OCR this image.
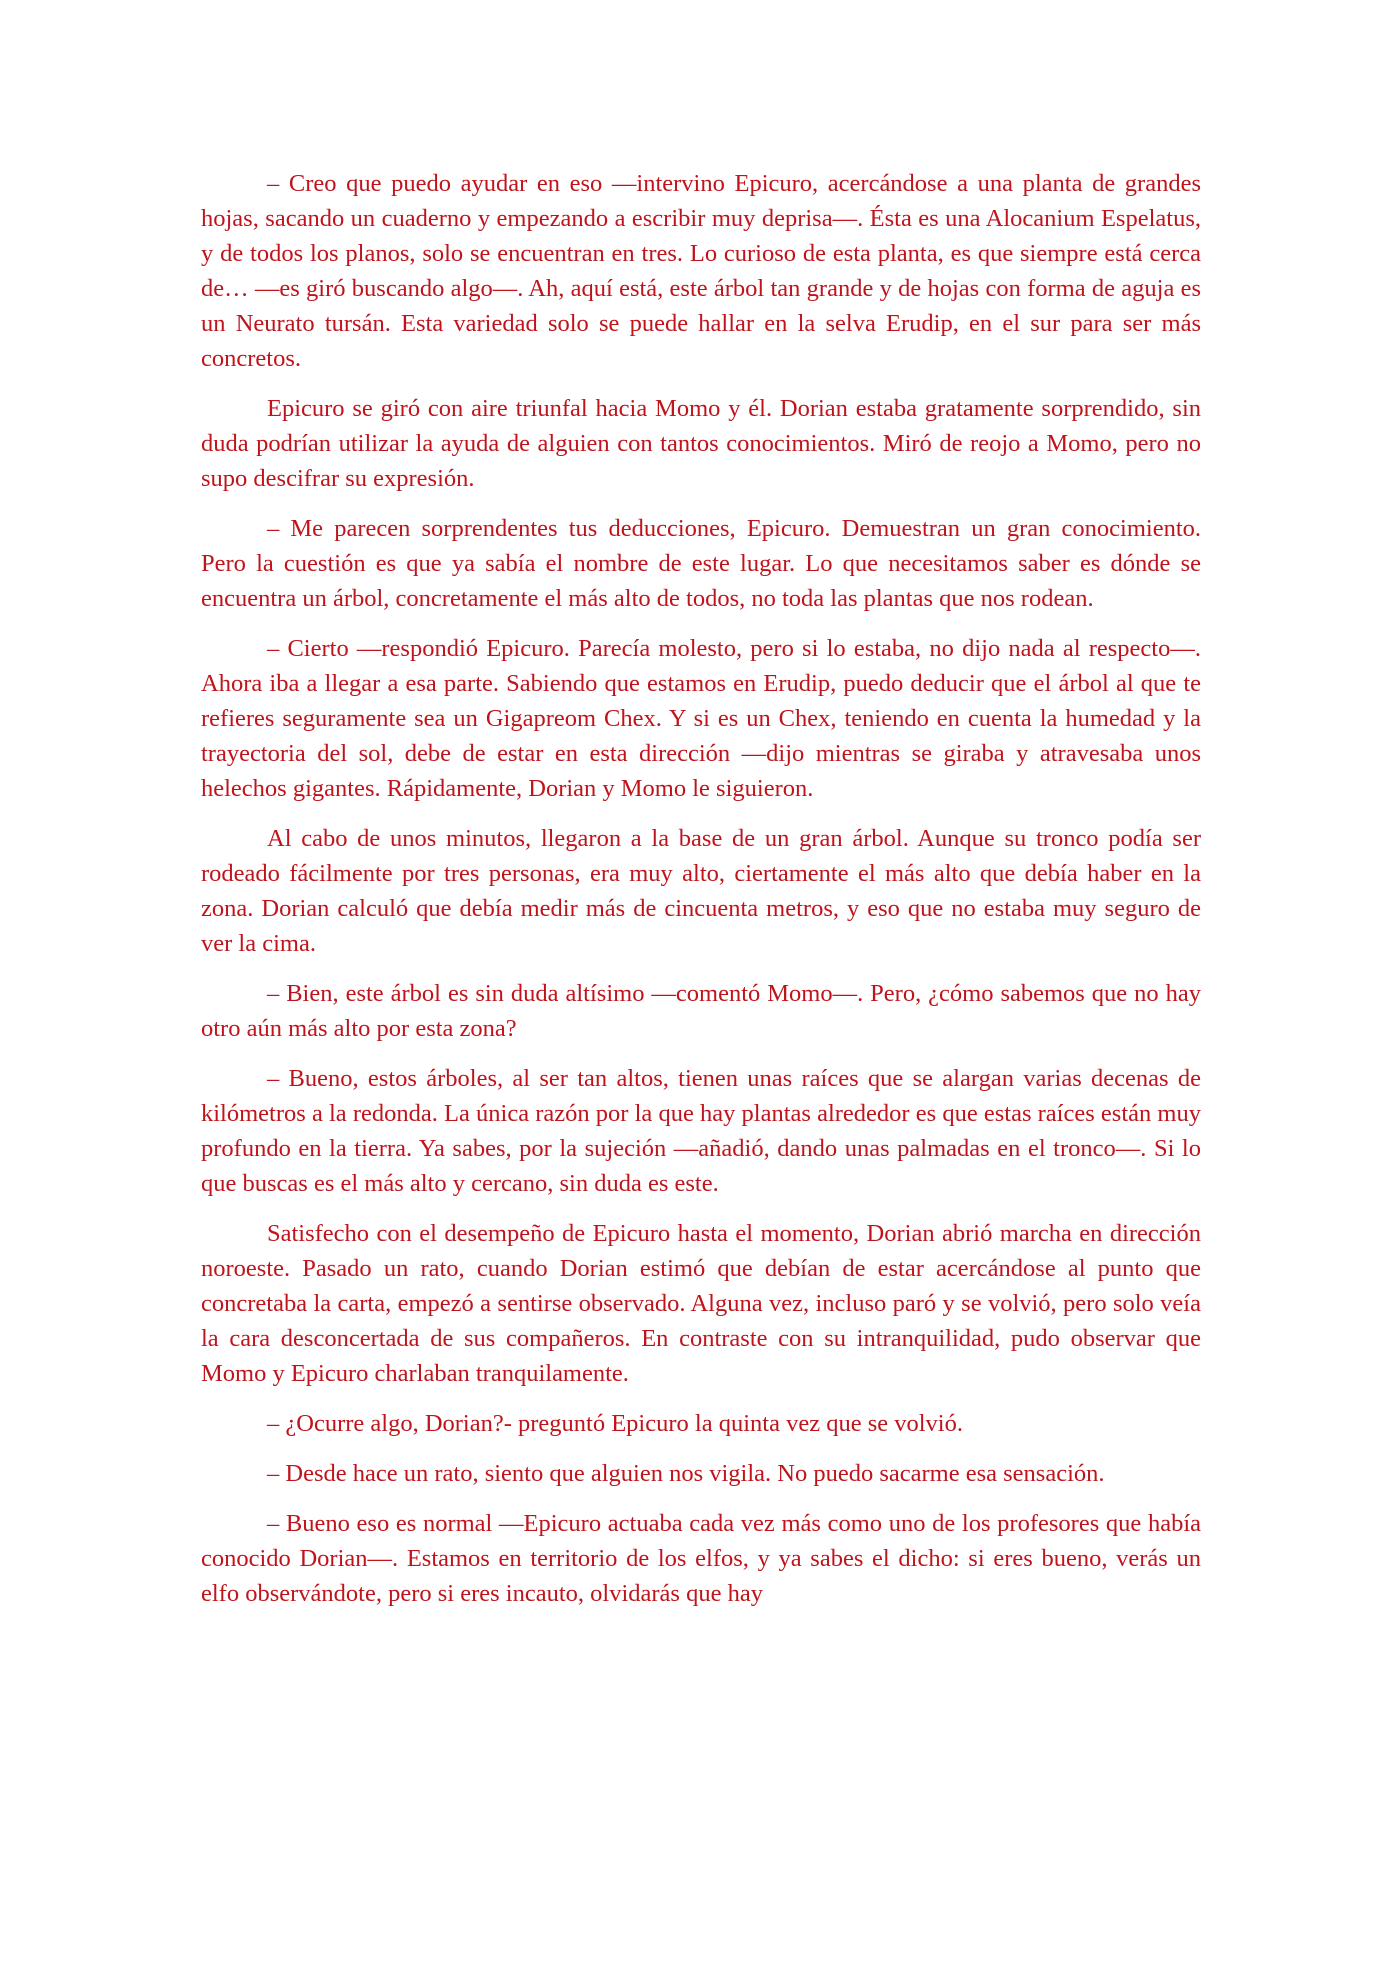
– Creo que puedo ayudar en eso —intervino Epicuro, acercándose a una planta de grandes hojas, sacando un cuaderno y empezando a escribir muy deprisa—. Ésta es una Alocanium Espelatus, y de todos los planos, solo se encuentran en tres. Lo curioso de esta planta, es que siempre está cerca de… —es giró buscando algo—. Ah, aquí está, este árbol tan grande y de hojas con forma de aguja es un Neurato tursán. Esta variedad solo se puede hallar en la selva Erudip, en el sur para ser más concretos.

Epicuro se giró con aire triunfal hacia Momo y él. Dorian estaba gratamente sorprendido, sin duda podrían utilizar la ayuda de alguien con tantos conocimientos. Miró de reojo a Momo, pero no supo descifrar su expresión.

– Me parecen sorprendentes tus deducciones, Epicuro. Demuestran un gran conocimiento. Pero la cuestión es que ya sabía el nombre de este lugar. Lo que necesitamos saber es dónde se encuentra un árbol, concretamente el más alto de todos, no toda las plantas que nos rodean.

– Cierto —respondió Epicuro. Parecía molesto, pero si lo estaba, no dijo nada al respecto—. Ahora iba a llegar a esa parte. Sabiendo que estamos en Erudip, puedo deducir que el árbol al que te refieres seguramente sea un Gigapreom Chex. Y si es un Chex, teniendo en cuenta la humedad y la trayectoria del sol, debe de estar en esta dirección —dijo mientras se giraba y atravesaba unos helechos gigantes. Rápidamente, Dorian y Momo le siguieron.

Al cabo de unos minutos, llegaron a la base de un gran árbol. Aunque su tronco podía ser rodeado fácilmente por tres personas, era muy alto, ciertamente el más alto que debía haber en la zona. Dorian calculó que debía medir más de cincuenta metros, y eso que no estaba muy seguro de ver la cima.

– Bien, este árbol es sin duda altísimo —comentó Momo—. Pero, ¿cómo sabemos que no hay otro aún más alto por esta zona?

– Bueno, estos árboles, al ser tan altos, tienen unas raíces que se alargan varias decenas de kilómetros a la redonda. La única razón por la que hay plantas alrededor es que estas raíces están muy profundo en la tierra. Ya sabes, por la sujeción —añadió, dando unas palmadas en el tronco—. Si lo que buscas es el más alto y cercano, sin duda es este.

Satisfecho con el desempeño de Epicuro hasta el momento, Dorian abrió marcha en dirección noroeste. Pasado un rato, cuando Dorian estimó que debían de estar acercándose al punto que concretaba la carta, empezó a sentirse observado. Alguna vez, incluso paró y se volvió, pero solo veía la cara desconcertada de sus compañeros. En contraste con su intranquilidad, pudo observar que Momo y Epicuro charlaban tranquilamente.

– ¿Ocurre algo, Dorian?- preguntó Epicuro la quinta vez que se volvió.

– Desde hace un rato, siento que alguien nos vigila. No puedo sacarme esa sensación.

– Bueno eso es normal —Epicuro actuaba cada vez más como uno de los profesores que había conocido Dorian—. Estamos en territorio de los elfos, y ya sabes el dicho: si eres bueno, verás un elfo observándote, pero si eres incauto, olvidarás que hay
